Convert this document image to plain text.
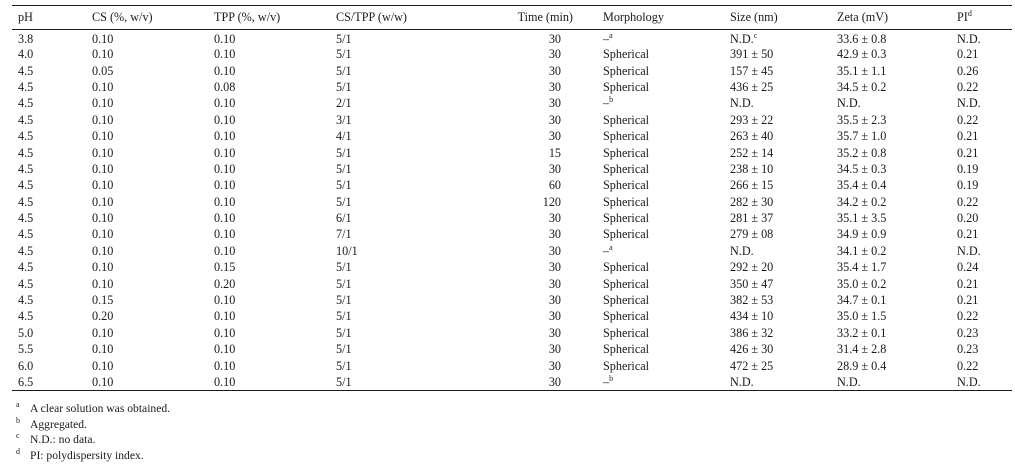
pH	CS (%, w/v)	TPP (%, w/v)	CS/TPP (w/w)	Time (min)	Morphology	Size (nm)	Zeta (mV)	$PI^d$
3.8	0.10	0.10	5/1	30	–$^a$	N.D.$^c$	33.6 ± 0.8	N.D.
4.0	0.10	0.10	5/1	30	Spherical	391 ± 50	42.9 ± 0.3	0.21
4.5	0.05	0.10	5/1	30	Spherical	157 ± 45	35.1 ± 1.1	0.26
4.5	0.10	0.08	5/1	30	Spherical	436 ± 25	34.5 ± 0.2	0.22
4.5	0.10	0.10	2/1	30	–$^b$	N.D.	N.D.	N.D.
4.5	0.10	0.10	3/1	30	Spherical	293 ± 22	35.5 ± 2.3	0.22
4.5	0.10	0.10	4/1	30	Spherical	263 ± 40	35.7 ± 1.0	0.21
4.5	0.10	0.10	5/1	15	Spherical	252 ± 14	35.2 ± 0.8	0.21
4.5	0.10	0.10	5/1	30	Spherical	238 ± 10	34.5 ± 0.3	0.19
4.5	0.10	0.10	5/1	60	Spherical	266 ± 15	35.4 ± 0.4	0.19
4.5	0.10	0.10	5/1	120	Spherical	282 ± 30	34.2 ± 0.2	0.22
4.5	0.10	0.10	6/1	30	Spherical	281 ± 37	35.1 ± 3.5	0.20
4.5	0.10	0.10	7/1	30	Spherical	279 ± 08	34.9 ± 0.9	0.21
4.5	0.10	0.10	10/1	30	–$^a$	N.D.	34.1 ± 0.2	N.D.
4.5	0.10	0.15	5/1	30	Spherical	292 ± 20	35.4 ± 1.7	0.24
4.5	0.10	0.20	5/1	30	Spherical	350 ± 47	35.0 ± 0.2	0.21
4.5	0.15	0.10	5/1	30	Spherical	382 ± 53	34.7 ± 0.1	0.21
4.5	0.20	0.10	5/1	30	Spherical	434 ± 10	35.0 ± 1.5	0.22
5.0	0.10	0.10	5/1	30	Spherical	386 ± 32	33.2 ± 0.1	0.23
5.5	0.10	0.10	5/1	30	Spherical	426 ± 30	31.4 ± 2.8	0.23
6.0	0.10	0.10	5/1	30	Spherical	472 ± 25	28.9 ± 0.4	0.22
6.5	0.10	0.10	5/1	30	–$^b$	N.D.	N.D.	N.D.
$^a$ A clear solution was obtained.
$^b$ Aggregated.
$^c$ N.D.: no data.
$^d$ PI: polydispersity index.
